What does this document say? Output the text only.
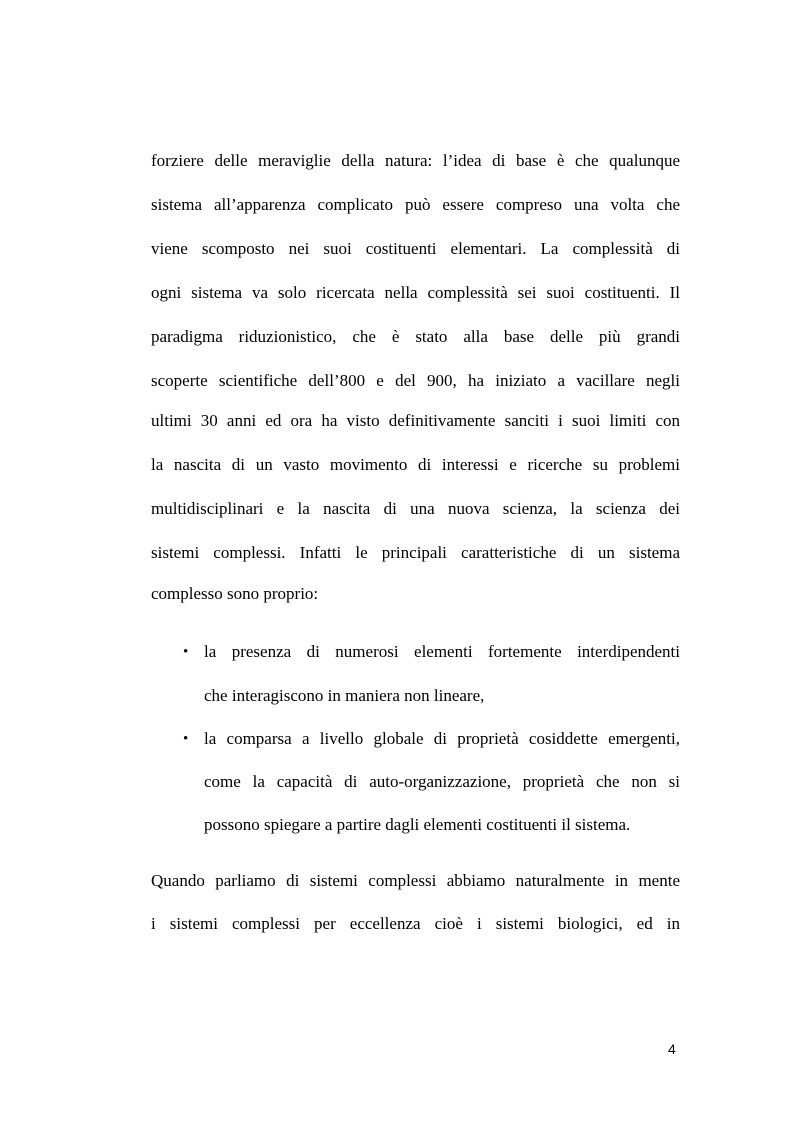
forziere delle meraviglie della natura: l’idea di base è che qualunque
sistema all’apparenza complicato può essere compreso una volta che
viene scomposto nei suoi costituenti elementari. La complessità di
ogni sistema va solo ricercata nella complessità sei suoi costituenti. Il
paradigma riduzionistico, che è stato alla base delle più grandi
scoperte scientifiche dell’800 e del 900, ha iniziato a vacillare negli
ultimi 30 anni ed ora ha visto definitivamente sanciti i suoi limiti con
la nascita di un vasto movimento di interessi e ricerche su problemi
multidisciplinari e la nascita di una nuova scienza, la scienza dei
sistemi complessi. Infatti le principali caratteristiche di un sistema
complesso sono proprio:
• la presenza di numerosi elementi fortemente interdipendenti
che interagiscono in maniera non lineare,
• la comparsa a livello globale di proprietà cosiddette emergenti,
come la capacità di auto-organizzazione, proprietà che non si
possono spiegare a partire dagli elementi costituenti il sistema.
Quando parliamo di sistemi complessi abbiamo naturalmente in mente
i sistemi complessi per eccellenza cioè i sistemi biologici, ed in
4
